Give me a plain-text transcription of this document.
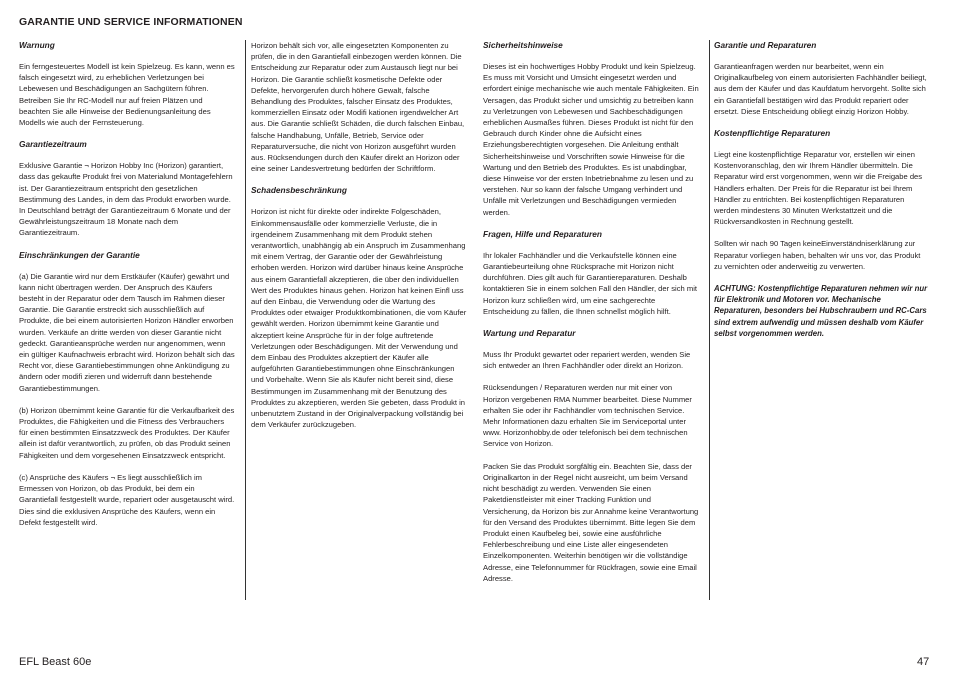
GARANTIE UND SERVICE INFORMATIONEN
Warnung

Ein ferngesteuertes Modell ist kein Spielzeug. Es kann, wenn es falsch eingesetzt wird, zu erheblichen Verletzungen bei Lebewesen und Beschädigungen an Sachgütern führen. Betreiben Sie Ihr RC-Modell nur auf freien Plätzen und beachten Sie alle Hinweise der Bedienungsanleitung des Modells wie auch der Fernsteuerung.

Garantiezeitraum

Exklusive Garantie ¬ Horizon Hobby Inc (Horizon) garantiert, dass das gekaufte Produkt frei von Materialund Montagefehlern ist. Der Garantiezeitraum entspricht den gesetzlichen Bestimmung des Landes, in dem das Produkt erworben wurde. In Deutschland beträgt der Garantiezeitraum 6 Monate und der Gewährleistungszeitraum 18 Monate nach dem Garantiezeitraum.

Einschränkungen der Garantie

(a) Die Garantie wird nur dem Erstkäufer (Käufer) gewährt und kann nicht übertragen werden. Der Anspruch des Käufers besteht in der Reparatur oder dem Tausch im Rahmen dieser Garantie. Die Garantie erstreckt sich ausschließlich auf Produkte, die bei einem autorisierten Horizon Händler erworben wurden. Verkäufe an dritte werden von dieser Garantie nicht gedeckt. Garantieansprüche werden nur angenommen, wenn ein gültiger Kaufnachweis erbracht wird. Horizon behält sich das Recht vor, diese Garantiebestimmungen ohne Ankündigung zu ändern oder modifi zieren und widerruft dann bestehende Garantiebestimmungen.

(b) Horizon übernimmt keine Garantie für die Verkaufbarkeit des Produktes, die Fähigkeiten und die Fitness des Verbrauchers für einen bestimmten Einsatzzweck des Produktes. Der Käufer allein ist dafür verantwortlich, zu prüfen, ob das Produkt seinen Fähigkeiten und dem vorgesehenen Einsatzzweck entspricht.

(c) Ansprüche des Käufers ¬ Es liegt ausschließlich im Ermessen von Horizon, ob das Produkt, bei dem ein Garantiefall festgestellt wurde, repariert oder ausgetauscht wird. Dies sind die exklusiven Ansprüche des Käufers, wenn ein Defekt festgestellt wird.

Horizon behält sich vor, alle eingesetzten Komponenten zu prüfen, die in den Garantiefall einbezogen werden können. Die Entscheidung zur Reparatur oder zum Austausch liegt nur bei Horizon. Die Garantie schließt kosmetische Defekte oder Defekte, hervorgerufen durch höhere Gewalt, falsche Behandlung des Produktes, falscher Einsatz des Produktes, kommerziellen Einsatz oder Modifi kationen irgendwelcher Art aus. Die Garantie schließt Schäden, die durch falschen Einbau, falsche Handhabung, Unfälle, Betrieb, Service oder Reparaturversuche, die nicht von Horizon ausgeführt wurden aus. Rücksendungen durch den Käufer direkt an Horizon oder eine seiner Landesvertretung bedürfen der Schriftform.

Schadensbeschränkung

Horizon ist nicht für direkte oder indirekte Folgeschäden, Einkommensausfälle oder kommerzielle Verluste, die in irgendeinem Zusammenhang mit dem Produkt stehen verantwortlich, unabhängig ab ein Anspruch im Zusammenhang mit einem Vertrag, der Garantie oder der Gewährleistung erhoben werden. Horizon wird darüber hinaus keine Ansprüche aus einem Garantiefall akzeptieren, die über den individuellen Wert des Produktes hinaus gehen. Horizon hat keinen Einfl uss auf den Einbau, die Verwendung oder die Wartung des Produktes oder etwaiger Produktkombinationen, die vom Käufer gewählt werden. Horizon übernimmt keine Garantie und akzeptiert keine Ansprüche für in der folge auftretende Verletzungen oder Beschädigungen. Mit der Verwendung und dem Einbau des Produktes akzeptiert der Käufer alle aufgeführten Garantiebestimmungen ohne Einschränkungen und Vorbehalte. Wenn Sie als Käufer nicht bereit sind, diese Bestimmungen im Zusammenhang mit der Benutzung des Produktes zu akzeptieren, werden Sie gebeten, dass Produkt in unbenutztem Zustand in der Originalverpackung vollständig bei dem Verkäufer zurückzugeben.

Sicherheitshinweise

Dieses ist ein hochwertiges Hobby Produkt und kein Spielzeug. Es muss mit Vorsicht und Umsicht eingesetzt werden und erfordert einige mechanische wie auch mentale Fähigkeiten. Ein Versagen, das Produkt sicher und umsichtig zu betreiben kann zu Verletzungen von Lebewesen und Sachbeschädigungen erheblichen Ausmaßes führen. Dieses Produkt ist nicht für den Gebrauch durch Kinder ohne die Aufsicht eines Erziehungsberechtigten vorgesehen. Die Anleitung enthält Sicherheitshinweise und Vorschriften sowie Hinweise für die Wartung und den Betrieb des Produktes. Es ist unabdingbar, diese Hinweise vor der ersten Inbetriebnahme zu lesen und zu verstehen. Nur so kann der falsche Umgang verhindert und Unfälle mit Verletzungen und Beschädigungen vermieden werden.

Fragen, Hilfe und Reparaturen

Ihr lokaler Fachhändler und die Verkaufstelle können eine Garantiebeurteilung ohne Rücksprache mit Horizon nicht durchführen. Dies gilt auch für Garantiereparaturen. Deshalb kontaktieren Sie in einem solchen Fall den Händler, der sich mit Horizon kurz schließen wird, um eine sachgerechte Entscheidung zu fällen, die Ihnen schnellst möglich hilft.

Wartung und Reparatur

Muss Ihr Produkt gewartet oder repariert werden, wenden Sie sich entweder an Ihren Fachhändler oder direkt an Horizon.

Rücksendungen / Reparaturen werden nur mit einer von Horizon vergebenen RMA Nummer bearbeitet. Diese Nummer erhalten Sie oder ihr Fachhändler vom technischen Service. Mehr Informationen dazu erhalten Sie im Serviceportal unter www. Horizonhobby.de oder telefonisch bei dem technischen Service von Horizon.

Packen Sie das Produkt sorgfältig ein. Beachten Sie, dass der Originalkarton in der Regel nicht ausreicht, um beim Versand nicht beschädigt zu werden. Verwenden Sie einen Paketdienstleister mit einer Tracking Funktion und Versicherung, da Horizon bis zur Annahme keine Verantwortung für den Versand des Produktes übernimmt. Bitte legen Sie dem Produkt einen Kaufbeleg bei, sowie eine ausführliche Fehlerbeschreibung und eine Liste aller eingesendeten Einzelkomponenten. Weiterhin benötigen wir die vollständige Adresse, eine Telefonnummer für Rückfragen, sowie eine Email Adresse.

Garantie und Reparaturen

Garantieanfragen werden nur bearbeitet, wenn ein Originalkaufbeleg von einem autorisierten Fachhändler beiliegt, aus dem der Käufer und das Kaufdatum hervorgeht. Sollte sich ein Garantiefall bestätigen wird das Produkt repariert oder ersetzt. Diese Entscheidung obliegt einzig Horizon Hobby.

Kostenpflichtige Reparaturen

Liegt eine kostenpflichtige Reparatur vor, erstellen wir einen Kostenvoranschlag, den wir Ihrem Händler übermitteln. Die Reparatur wird erst vorgenommen, wenn wir die Freigabe des Händlers erhalten. Der Preis für die Reparatur ist bei Ihrem Händler zu entrichten. Bei kostenpflichtigen Reparaturen werden mindestens 30 Minuten Werkstattzeit und die Rückversandkosten in Rechnung gestellt.

Sollten wir nach 90 Tagen keineEinverständniserklärung zur Reparatur vorliegen haben, behalten wir uns vor, das Produkt zu vernichten oder anderweitig zu verwerten.

ACHTUNG: Kostenpflichtige Reparaturen nehmen wir nur für Elektronik und Motoren vor. Mechanische Reparaturen, besonders bei Hubschraubern und RC-Cars sind extrem aufwendig und müssen deshalb vom Käufer selbst vorgenommen werden.

EFL Beast 60e	47
